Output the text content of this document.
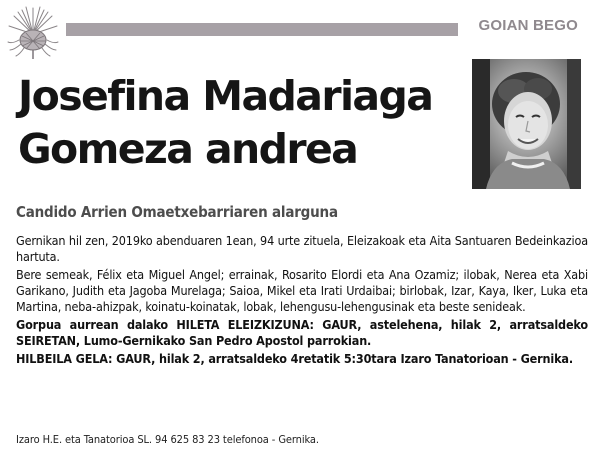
GOIAN BEGO
Josefina Madariaga
Gomeza andrea
Candido Arrien Omaetxebarriaren alarguna

Gernikan hil zen, 2019ko abenduaren 1ean, 94 urte zituela, Eleizakoak eta Aita Santuaren Bedeinkazioa hartuta.

Bere semeak, Félix eta Miguel Angel; errainak, Rosarito Elordi eta Ana Ozamiz; ilobak, Nerea eta Xabi Garikano, Judith eta Jagoba Murelaga; Saioa, Mikel eta Irati Urdaibai; birlobak, Izar, Kaya, Iker, Luka eta Martina, neba-ahizpak, koinatu-koinatak, lobak, lehengusu-lehengusinak eta beste senideak.

Gorpua aurrean dalako HILETA ELEIZKIZUNA: GAUR, astelehena, hilak 2, arratsaldeko SEIRETAN, Lumo-Gernikako San Pedro Apostol parrokian.

HILBEILA GELA: GAUR, hilak 2, arratsaldeko 4retatik 5:30tara Izaro Tanatorioan - Gernika.

Izaro H.E. eta Tanatorioa SL. 94 625 83 23 telefonoa - Gernika.
